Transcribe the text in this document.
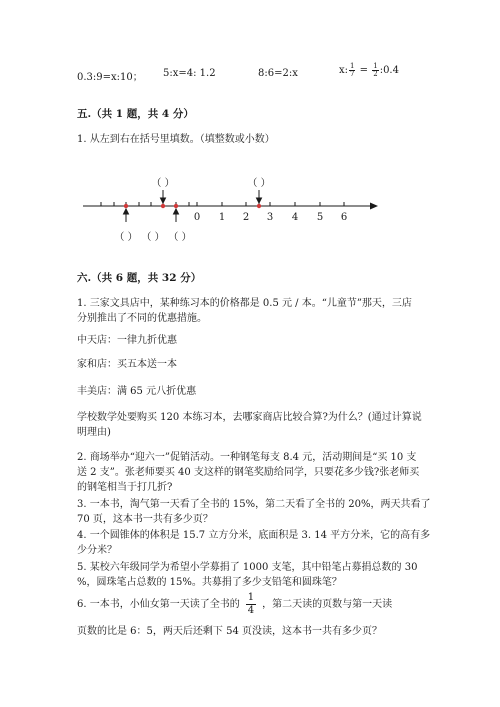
0.3:9=x:10； 5:x=4: 1.2	8:6=2:x	x: $\frac{1}{7} = \frac{1}{2}$ :0.4
五.（共 1 题，共 4 分）
1. 从左到右在括号里填数。（填整数或小数）
0 1 2 3 4 5 6
（ ）	（ ）
（ ） （ ） （ ）
六.（共 6 题，共 32 分）
1. 三家文具店中，某种练习本的价格都是 0.5 元 / 本。“儿童节”那天，三店
分别推出了不同的优惠措施。
中天店：一律九折优惠
家和店：买五本送一本
丰美店：满 65 元八折优惠
学校数学处要购买 120 本练习本，去哪家商店比较合算?为什么？(通过计算说
明理由)
2. 商场举办“迎六一”促销活动。一种钢笔每支 8.4 元，活动期间是“买 10 支
送 2 支”。张老师要买 40 支这样的钢笔奖励给同学，只要花多少钱?张老师买
的钢笔相当于打几折?
3. 一本书，淘气第一天看了全书的 15%，第二天看了全书的 20%，两天共看了
70 页，这本书一共有多少页？
4. 一个圆锥体的体积是 15.7 立方分米，底面积是 3. 14 平方分米，它的高有多
少分米？
5. 某校六年级同学为希望小学募捐了 1000 支笔，其中铅笔占募捐总数的 30
%，圆珠笔占总数的 15%。共募捐了多少支铅笔和圆珠笔？
6. 一本书，小仙女第一天读了全书的 $\frac{1}{4}$ ，第二天读的页数与第一天读
页数的比是 6：5，两天后还剩下 54 页没读，这本书一共有多少页？
